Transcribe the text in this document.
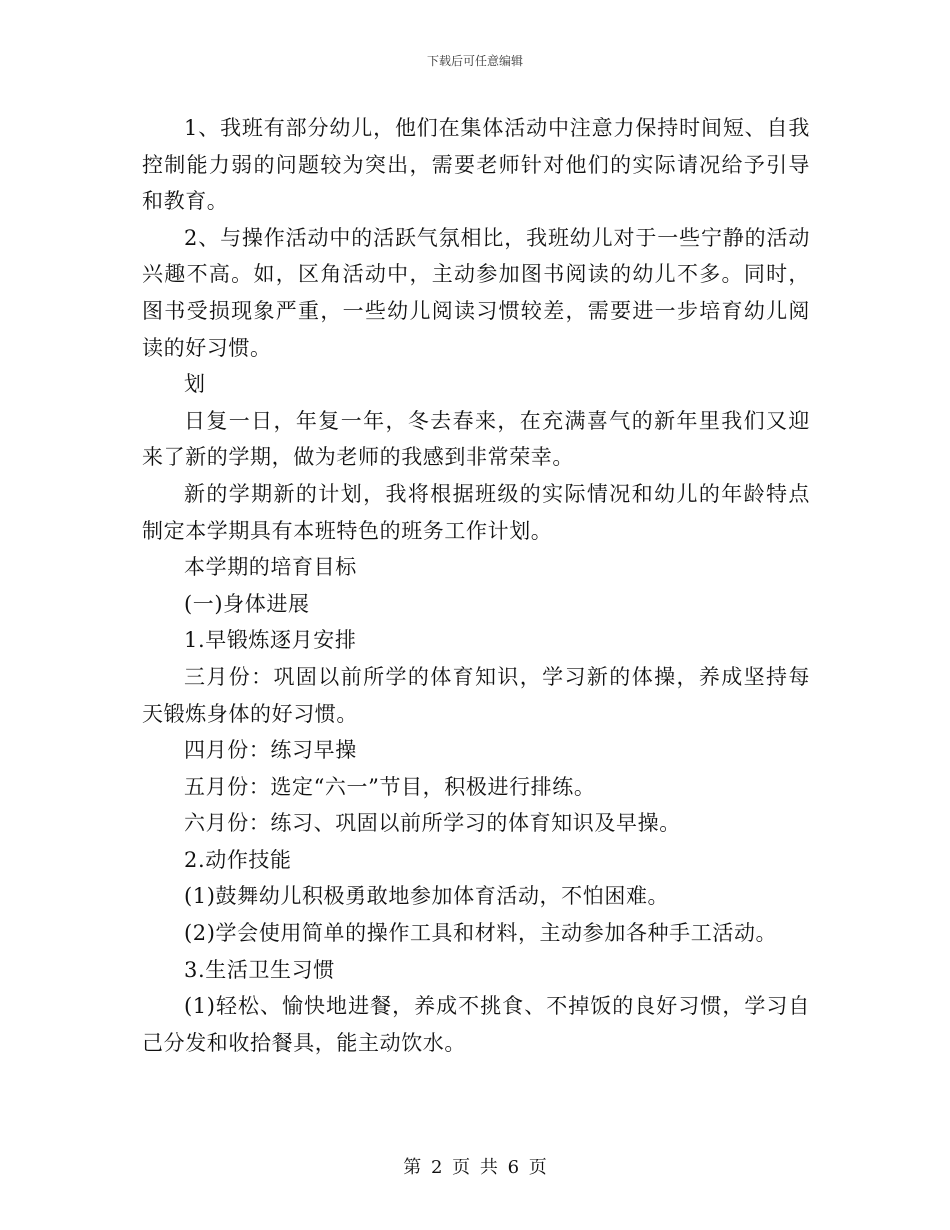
下载后可任意编辑

1、我班有部分幼儿，他们在集体活动中注意力保持时间短、自我控制能力弱的问题较为突出，需要老师针对他们的实际请况给予引导和教育。

2、与操作活动中的活跃气氛相比，我班幼儿对于一些宁静的活动兴趣不高。如，区角活动中，主动参加图书阅读的幼儿不多。同时，图书受损现象严重，一些幼儿阅读习惯较差，需要进一步培育幼儿阅读的好习惯。

划

日复一日，年复一年，冬去春来，在充满喜气的新年里我们又迎来了新的学期，做为老师的我感到非常荣幸。

新的学期新的计划，我将根据班级的实际情况和幼儿的年龄特点制定本学期具有本班特色的班务工作计划。

本学期的培育目标

(一)身体进展

1.早锻炼逐月安排

三月份：巩固以前所学的体育知识，学习新的体操，养成坚持每天锻炼身体的好习惯。

四月份：练习早操

五月份：选定“六一”节目，积极进行排练。

六月份：练习、巩固以前所学习的体育知识及早操。

2.动作技能

(1)鼓舞幼儿积极勇敢地参加体育活动，不怕困难。

(2)学会使用简单的操作工具和材料，主动参加各种手工活动。

3.生活卫生习惯

(1)轻松、愉快地进餐，养成不挑食、不掉饭的良好习惯，学习自己分发和收拾餐具，能主动饮水。

第 2 页 共 6 页
